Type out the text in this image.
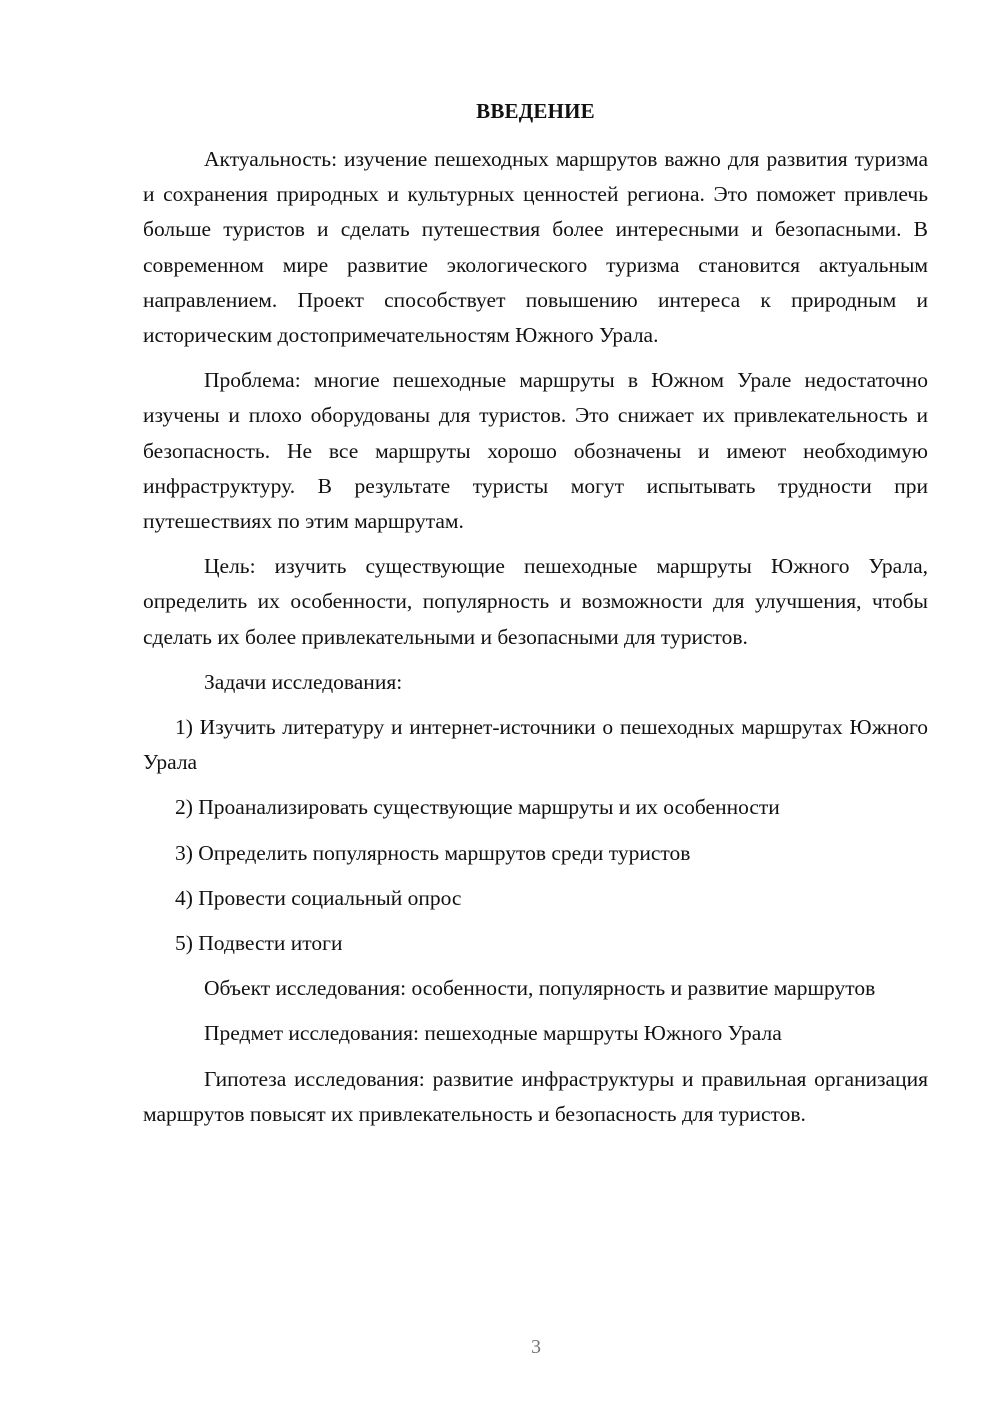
ВВЕДЕНИЕ

Актуальность: изучение пешеходных маршрутов важно для развития туризма и сохранения природных и культурных ценностей региона. Это поможет привлечь больше туристов и сделать путешествия более интересными и безопасными. В современном мире развитие экологического туризма становится актуальным направлением. Проект способствует повышению интереса к природным и историческим достопримечательностям Южного Урала.

Проблема: многие пешеходные маршруты в Южном Урале недостаточно изучены и плохо оборудованы для туристов. Это снижает их привлекательность и безопасность. Не все маршруты хорошо обозначены и имеют необходимую инфраструктуру. В результате туристы могут испытывать трудности при путешествиях по этим маршрутам.

Цель: изучить существующие пешеходные маршруты Южного Урала, определить их особенности, популярность и возможности для улучшения, чтобы сделать их более привлекательными и безопасными для туристов.

Задачи исследования:

1) Изучить литературу и интернет-источники о пешеходных маршрутах Южного Урала

2) Проанализировать существующие маршруты и их особенности

3) Определить популярность маршрутов среди туристов

4) Провести социальный опрос

5) Подвести итоги

Объект исследования: особенности, популярность и развитие маршрутов

Предмет исследования: пешеходные маршруты Южного Урала

Гипотеза исследования: развитие инфраструктуры и правильная организация маршрутов повысят их привлекательность и безопасность для туристов.

3
